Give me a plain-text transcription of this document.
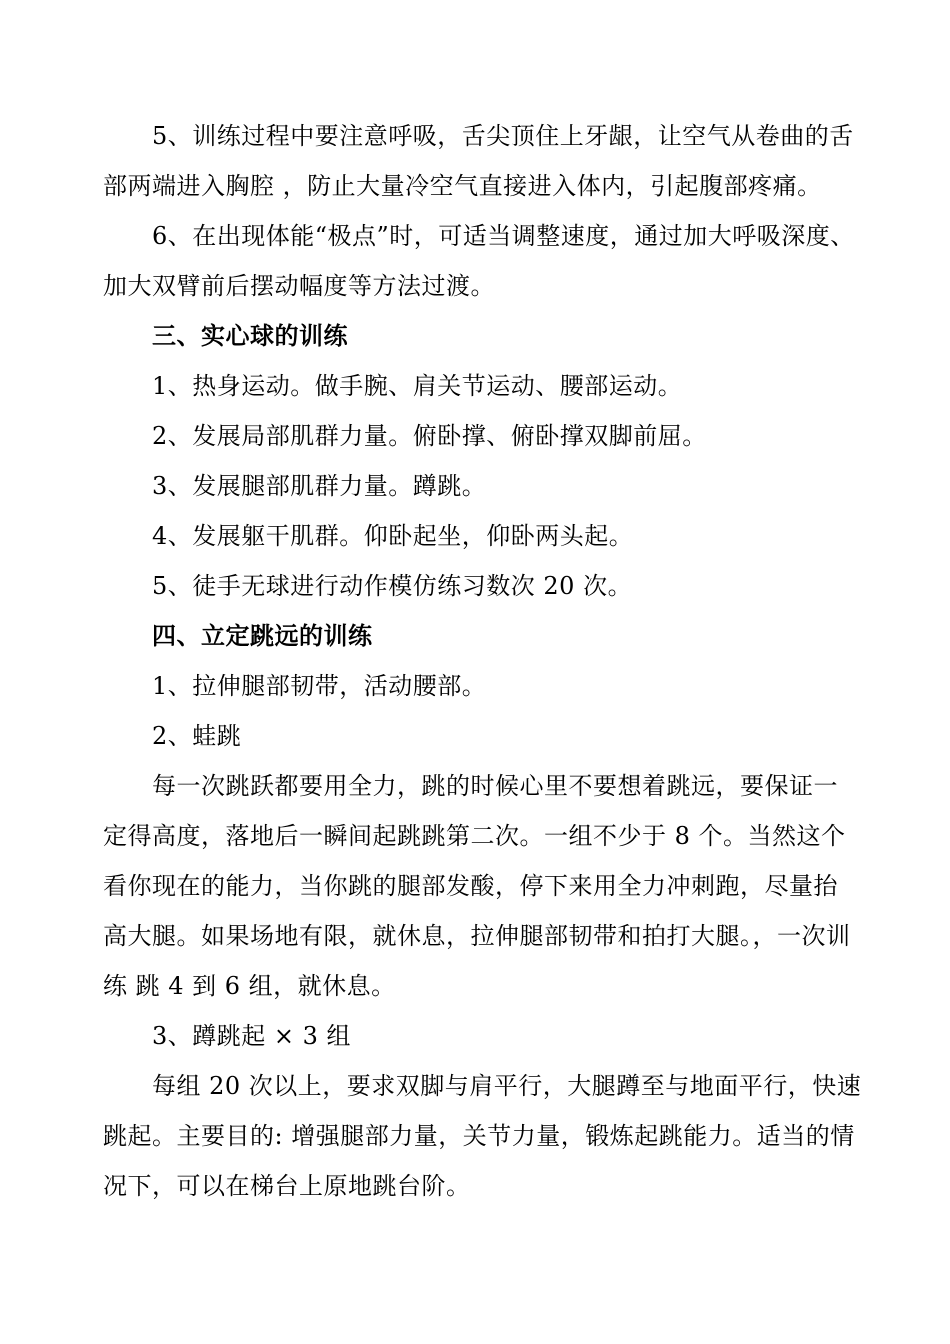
5、训练过程中要注意呼吸，舌尖顶住上牙龈，让空气从卷曲的舌
部两端进入胸腔 ，防止大量冷空气直接进入体内，引起腹部疼痛。
6、在出现体能“极点”时，可适当调整速度，通过加大呼吸深度、
加大双臂前后摆动幅度等方法过渡。
三、实心球的训练
1、热身运动。做手腕、肩关节运动、腰部运动。
2、发展局部肌群力量。俯卧撑、俯卧撑双脚前屈。
3、发展腿部肌群力量。蹲跳。
4、发展躯干肌群。仰卧起坐，仰卧两头起。
5、徒手无球进行动作模仿练习数次 20 次。
四、立定跳远的训练
1、拉伸腿部韧带，活动腰部。
2、蛙跳
每一次跳跃都要用全力，跳的时候心里不要想着跳远，要保证一
定得高度，落地后一瞬间起跳跳第二次。一组不少于 8 个。当然这个
看你现在的能力，当你跳的腿部发酸，停下来用全力冲刺跑，尽量抬
高大腿。如果场地有限，就休息，拉伸腿部韧带和拍打大腿。，一次训
练 跳 4 到 6 组，就休息。
3、蹲跳起 × 3 组
每组 20 次以上，要求双脚与肩平行，大腿蹲至与地面平行，快速
跳起。主要目的: 增强腿部力量，关节力量，锻炼起跳能力。适当的情
况下，可以在梯台上原地跳台阶。
